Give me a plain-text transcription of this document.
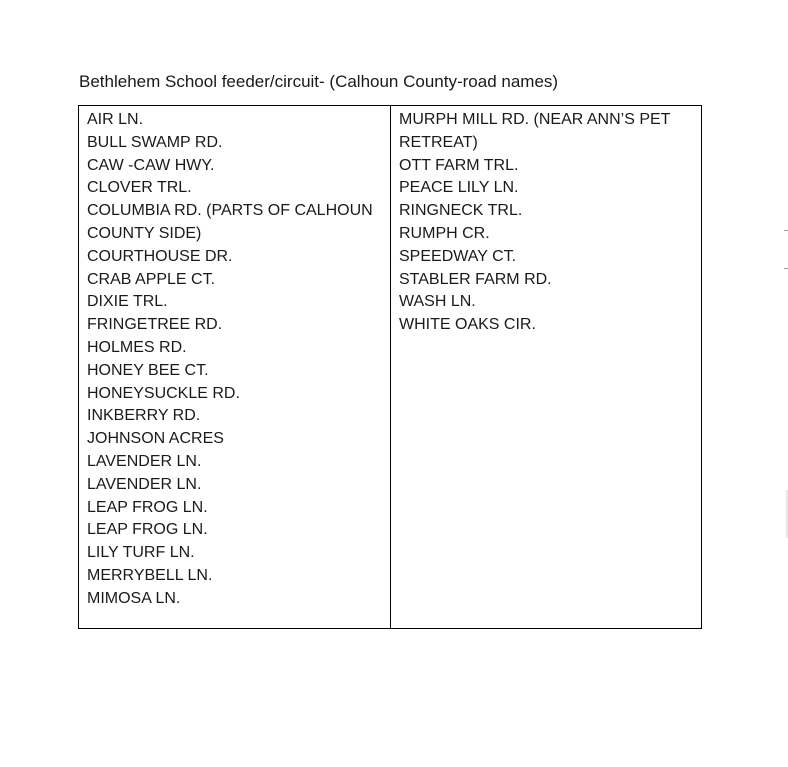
Bethlehem School feeder/circuit- (Calhoun County-road names)

AIR LN.

BULL SWAMP RD.

CAW -CAW HWY.

CLOVER TRL.

COLUMBIA RD. (PARTS OF CALHOUN COUNTY SIDE)

COURTHOUSE DR.

CRAB APPLE CT.

DIXIE TRL.

FRINGETREE RD.

HOLMES RD.

HONEY BEE CT.

HONEYSUCKLE RD.

INKBERRY RD.

JOHNSON ACRES

LAVENDER LN.

LAVENDER LN.

LEAP FROG LN.

LEAP FROG LN.

LILY TURF LN.

MERRYBELL LN.

MIMOSA LN.

MURPH MILL RD. (NEAR ANN’S PET RETREAT)

OTT FARM TRL.

PEACE LILY LN.

RINGNECK TRL.

RUMPH CR.

SPEEDWAY CT.

STABLER FARM RD.

WASH LN.

WHITE OAKS CIR.
